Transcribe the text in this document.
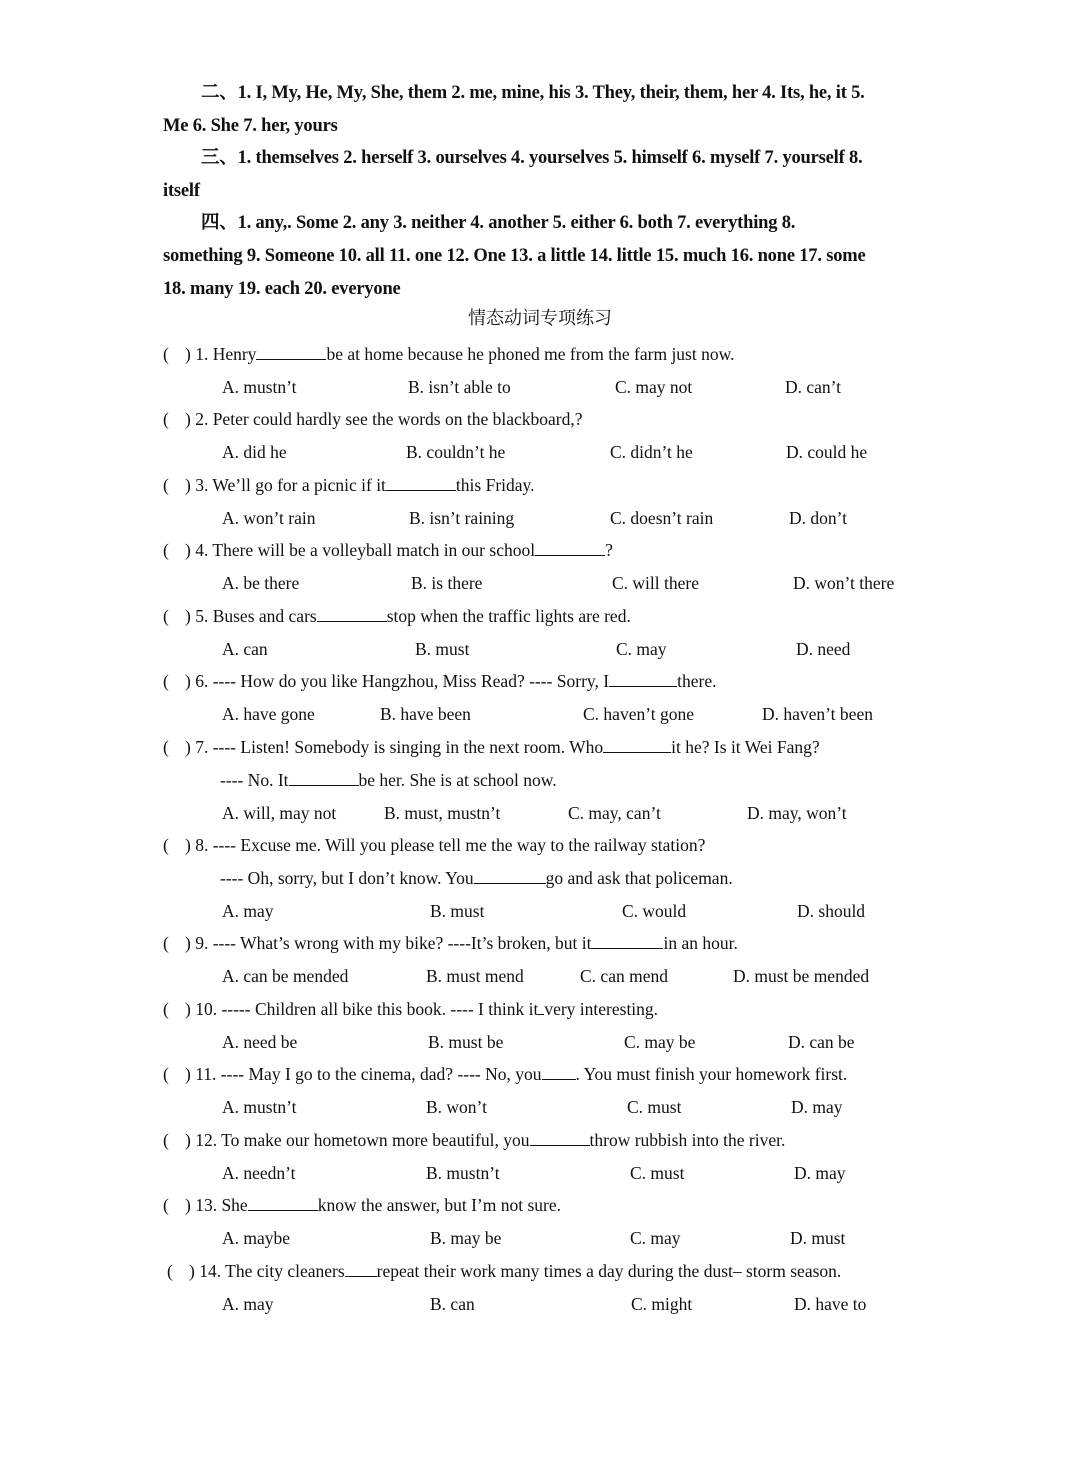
二、1. I, My, He, My, She, them 2. me, mine, his 3. They, their, them, her 4. Its, he, it 5.

Me 6. She 7. her, yours

三、1. themselves 2. herself 3. ourselves 4. yourselves 5. himself 6. myself 7. yourself 8.

itself

四、1. any,. Some 2. any 3. neither 4. another 5. either 6. both 7. everything 8.

something 9. Someone 10. all 11. one 12. One 13. a little 14. little 15. much 16. none 17. some

18. many 19. each 20. everyone

情态动词专项练习
( ) 1. Henry	be at home because he phoned me from the farm just now.
A. mustn’t	B. isn’t able to	C. may not	D. can’t
( ) 2. Peter could hardly see the words on the blackboard,?
A. did he	B. couldn’t he	C. didn’t he	D. could he
( ) 3. We’ll go for a picnic if it	this Friday.
A. won’t rain	B. isn’t raining	C. doesn’t rain	D. don’t
( ) 4. There will be a volleyball match in our school	?
A. be there	B. is there	C. will there	D. won’t there
( ) 5. Buses and cars	stop when the traffic lights are red.
A. can	B. must	C. may	D. need
( ) 6. ---- How do you like Hangzhou, Miss Read? ---- Sorry, I	there.
A. have gone	B. have been	C. haven’t gone	D. haven’t been
( ) 7. ---- Listen! Somebody is singing in the next room. Who	it he? Is it Wei Fang?
---- No. It	be her. She is at school now.
A. will, may not	B. must, mustn’t	C. may, can’t	D. may, won’t
( ) 8. ---- Excuse me. Will you please tell me the way to the railway station?
---- Oh, sorry, but I don’t know. You	go and ask that policeman.
A. may	B. must	C. would	D. should
( ) 9. ---- What’s wrong with my bike? ----It’s broken, but it	in an hour.
A. can be mended	B. must mend	C. can mend	D. must be mended
( ) 10. ----- Children all bike this book. ---- I think it very interesting.
A. need be	B. must be	C. may be	D. can be
( ) 11. ---- May I go to the cinema, dad? ---- No, you . You must finish your homework first.
A. mustn’t	B. won’t	C. must	D. may
( ) 12. To make our hometown more beautiful, you	throw rubbish into the river.
A. needn’t	B. mustn’t	C. must	D. may
( ) 13. She	know the answer, but I’m not sure.
A. maybe	B. may be	C. may	D. must
( ) 14. The city cleaners repeat their work many times a day during the dust– storm season.
A. may	B. can	C. might	D. have to
